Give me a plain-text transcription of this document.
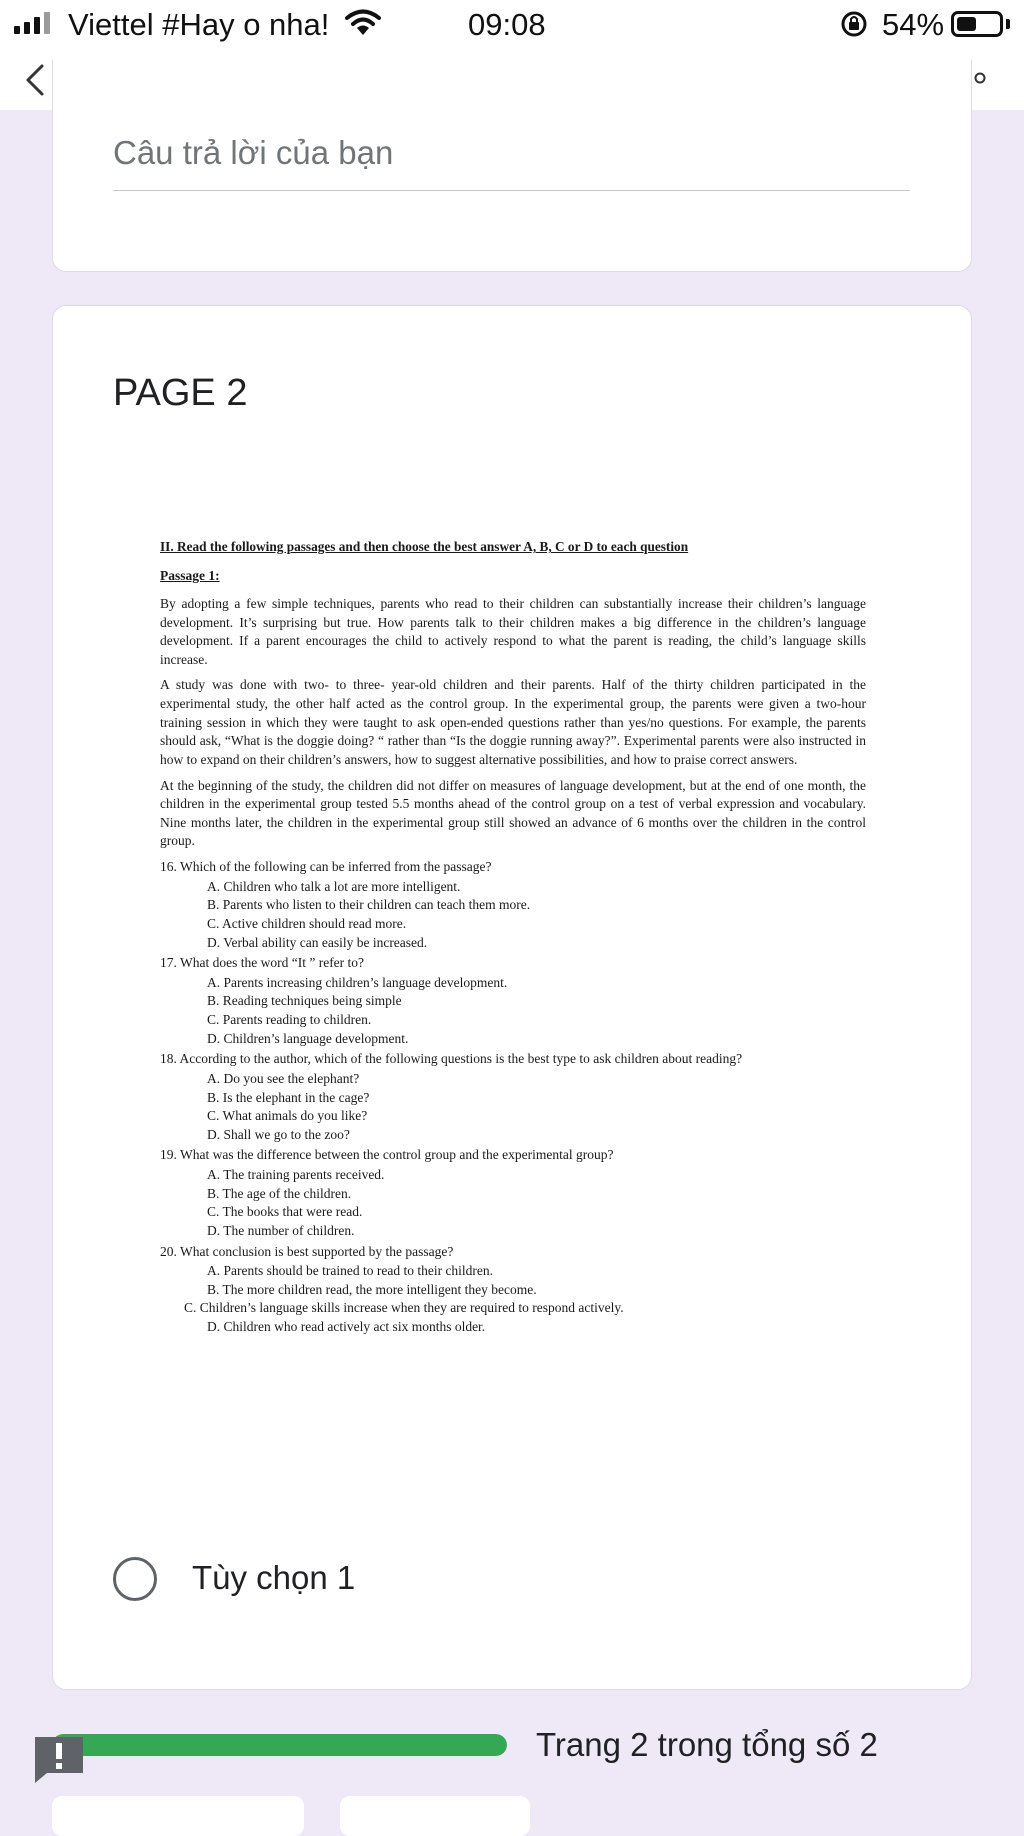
Viettel #Hay o nha!	09:08	54%
Câu trả lời của bạn
PAGE 2
II. Read the following passages and then choose the best answer A, B, C or D to each question
Passage 1:
By adopting a few simple techniques, parents who read to their children can substantially increase their children’s language development. It’s surprising but true. How parents talk to their children makes a big difference in the children’s language development. If a parent encourages the child to actively respond to what the parent is reading, the child’s language skills increase.
A study was done with two- to three- year-old children and their parents. Half of the thirty children participated in the experimental study, the other half acted as the control group. In the experimental group, the parents were given a two-hour training session in which they were taught to ask open-ended questions rather than yes/no questions. For example, the parents should ask, “What is the doggie doing? “ rather than “Is the doggie running away?”. Experimental parents were also instructed in how to expand on their children’s answers, how to suggest alternative possibilities, and how to praise correct answers.
At the beginning of the study, the children did not differ on measures of language development, but at the end of one month, the children in the experimental group tested 5.5 months ahead of the control group on a test of verbal expression and vocabulary. Nine months later, the children in the experimental group still showed an advance of 6 months over the children in the control group.
16. Which of the following can be inferred from the passage?
A. Children who talk a lot are more intelligent.
B. Parents who listen to their children can teach them more.
C. Active children should read more.
D. Verbal ability can easily be increased.
17. What does the word “It ” refer to?
A. Parents increasing children’s language development.
B. Reading techniques being simple
C. Parents reading to children.
D. Children’s language development.
18. According to the author, which of the following questions is the best type to ask children about reading?
A. Do you see the elephant?
B. Is the elephant in the cage?
C. What animals do you like?
D. Shall we go to the zoo?
19. What was the difference between the control group and the experimental group?
A. The training parents received.
B. The age of the children.
C. The books that were read.
D. The number of children.
20. What conclusion is best supported by the passage?
A. Parents should be trained to read to their children.
B. The more children read, the more intelligent they become.
C. Children’s language skills increase when they are required to respond actively.
D. Children who read actively act six months older.
Tùy chọn 1
Trang 2 trong tổng số 2
